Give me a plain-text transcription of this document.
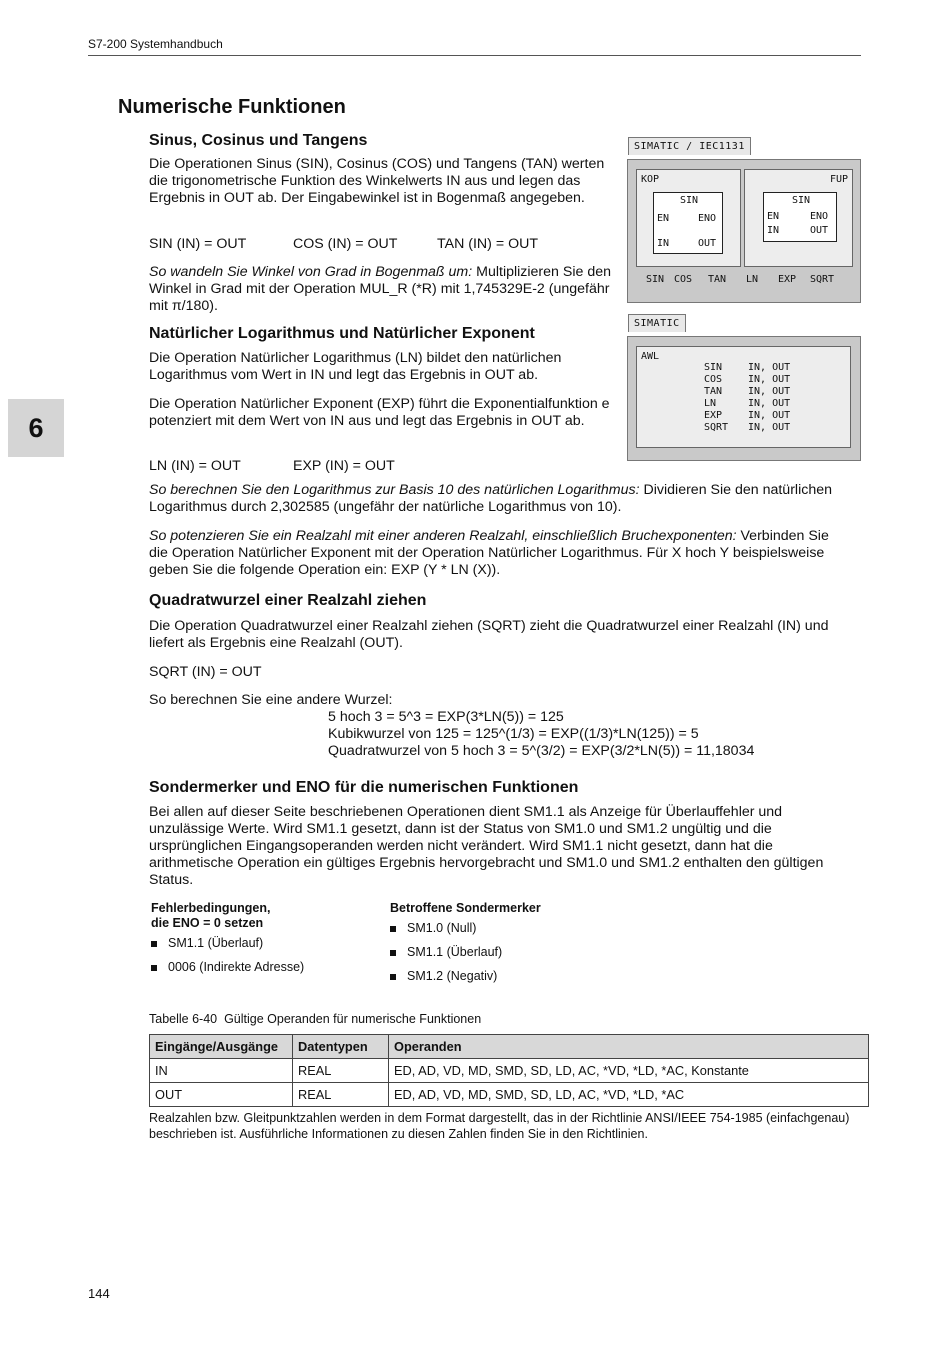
S7-200 Systemhandbuch
6
Numerische Funktionen
Sinus, Cosinus und Tangens

Die Operationen Sinus (SIN), Cosinus (COS) und Tangens (TAN) werten die trigonometrische Funktion des Winkelwerts IN aus und legen das Ergebnis in OUT ab. Der Eingabewinkel ist in Bogenmaß angegeben.

SIN (IN) = OUT	COS (IN) = OUT	TAN (IN) = OUT

So wandeln Sie Winkel von Grad in Bogenmaß um: Multiplizieren Sie den Winkel in Grad mit der Operation MUL_R (*R) mit 1,745329E-2 (ungefähr mit π/180).

Natürlicher Logarithmus und Natürlicher Exponent

Die Operation Natürlicher Logarithmus (LN) bildet den natürlichen Logarithmus vom Wert in IN und legt das Ergebnis in OUT ab.

Die Operation Natürlicher Exponent (EXP) führt die Exponentialfunktion e potenziert mit dem Wert von IN aus und legt das Ergebnis in OUT ab.

LN (IN) = OUT	EXP (IN) = OUT

So berechnen Sie den Logarithmus zur Basis 10 des natürlichen Logarithmus: Dividieren Sie den natürlichen Logarithmus durch 2,302585 (ungefähr der natürliche Logarithmus von 10).

So potenzieren Sie ein Realzahl mit einer anderen Realzahl, einschließlich Bruchexponenten: Verbinden Sie die Operation Natürlicher Exponent mit der Operation Natürlicher Logarithmus. Für X hoch Y beispielsweise geben Sie die folgende Operation ein: EXP (Y * LN (X)).

Quadratwurzel einer Realzahl ziehen

Die Operation Quadratwurzel einer Realzahl ziehen (SQRT) zieht die Quadratwurzel einer Realzahl (IN) und liefert als Ergebnis eine Realzahl (OUT).

SQRT (IN) = OUT

So berechnen Sie eine andere Wurzel:

5 hoch 3 = 5^3 = EXP(3*LN(5)) = 125

Kubikwurzel von 125 = 125^(1/3) = EXP((1/3)*LN(125)) = 5

Quadratwurzel von 5 hoch 3 = 5^(3/2) = EXP(3/2*LN(5)) = 11,18034

Sondermerker und ENO für die numerischen Funktionen

Bei allen auf dieser Seite beschriebenen Operationen dient SM1.1 als Anzeige für Überlauffehler und unzulässige Werte. Wird SM1.1 gesetzt, dann ist der Status von SM1.0 und SM1.2 ungültig und die ursprünglichen Eingangsoperanden werden nicht verändert. Wird SM1.1 nicht gesetzt, dann hat die arithmetische Operation ein gültiges Ergebnis hervorgebracht und SM1.0 und SM1.2 enthalten den gültigen Status.

Fehlerbedingungen,
die ENO = 0 setzen
SM1.1 (Überlauf)
0006 (Indirekte Adresse)
Betroffene Sondermerker
SM1.0 (Null)
SM1.1 (Überlauf)
SM1.2 (Negativ)
Tabelle 6-40 Gültige Operanden für numerische Funktionen
Eingänge/Ausgänge	Datentypen	Operanden
IN	REAL	ED, AD, VD, MD, SMD, SD, LD, AC, *VD, *LD, *AC, Konstante
OUT	REAL	ED, AD, VD, MD, SMD, SD, LD, AC, *VD, *LD, *AC
Realzahlen bzw. Gleitpunktzahlen werden in dem Format dargestellt, das in der Richtlinie ANSI/IEEE 754-1985 (einfachgenau) beschrieben ist. Ausführliche Informationen zu diesen Zahlen finden Sie in den Richtlinien.
SIMATIC / IEC1131
KOP
SIN
EN	ENO
IN	OUT
FUP
SIN
EN	ENO
IN	OUT
SIN COS TAN LN EXP SQRT
SIMATIC
AWL
SIN	IN, OUT
COS	IN, OUT
TAN	IN, OUT
LN	IN, OUT
EXP	IN, OUT
SQRT IN, OUT
144
